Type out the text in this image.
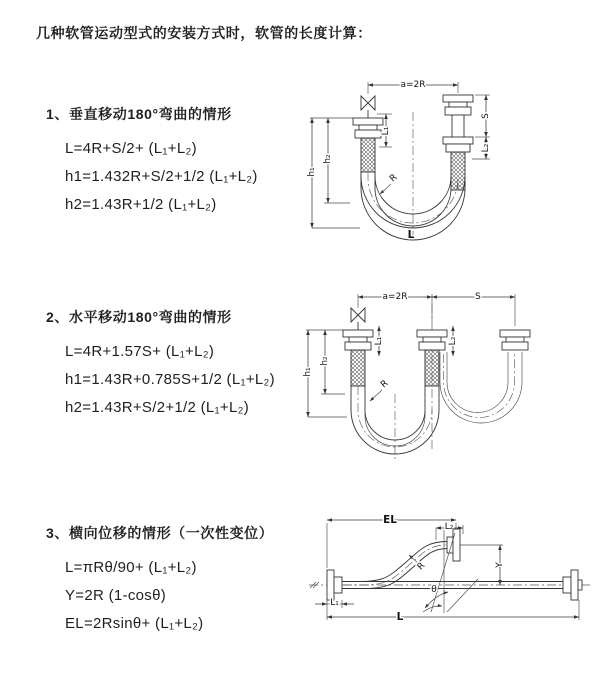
几种软管运动型式的安装方式时，软管的长度计算：

1、垂直移动180°弯曲的情形

L=4R+S/2+ (L₁+L₂)

h1=1.432R+S/2+1/2 (L₁+L₂)

h2=1.43R+1/2 (L₁+L₂)

2、水平移动180°弯曲的情形

L=4R+1.57S+ (L₁+L₂)

h1=1.43R+0.785S+1/2 (L₁+L₂)

h2=1.43R+S/2+1/2 (L₁+L₂)

3、横向位移的情形（一次性变位）

L=πRθ/90+ (L₁+L₂)

Y=2R (1-cosθ)

EL=2Rsinθ+ (L₁+L₂)

a=2R
L₁
S
L₂
h₂
h₁
R
L
a=2R	S
L₁	L₂
h₂
h₁
R
EL
L₂
Y
θ
R
L₁
L
